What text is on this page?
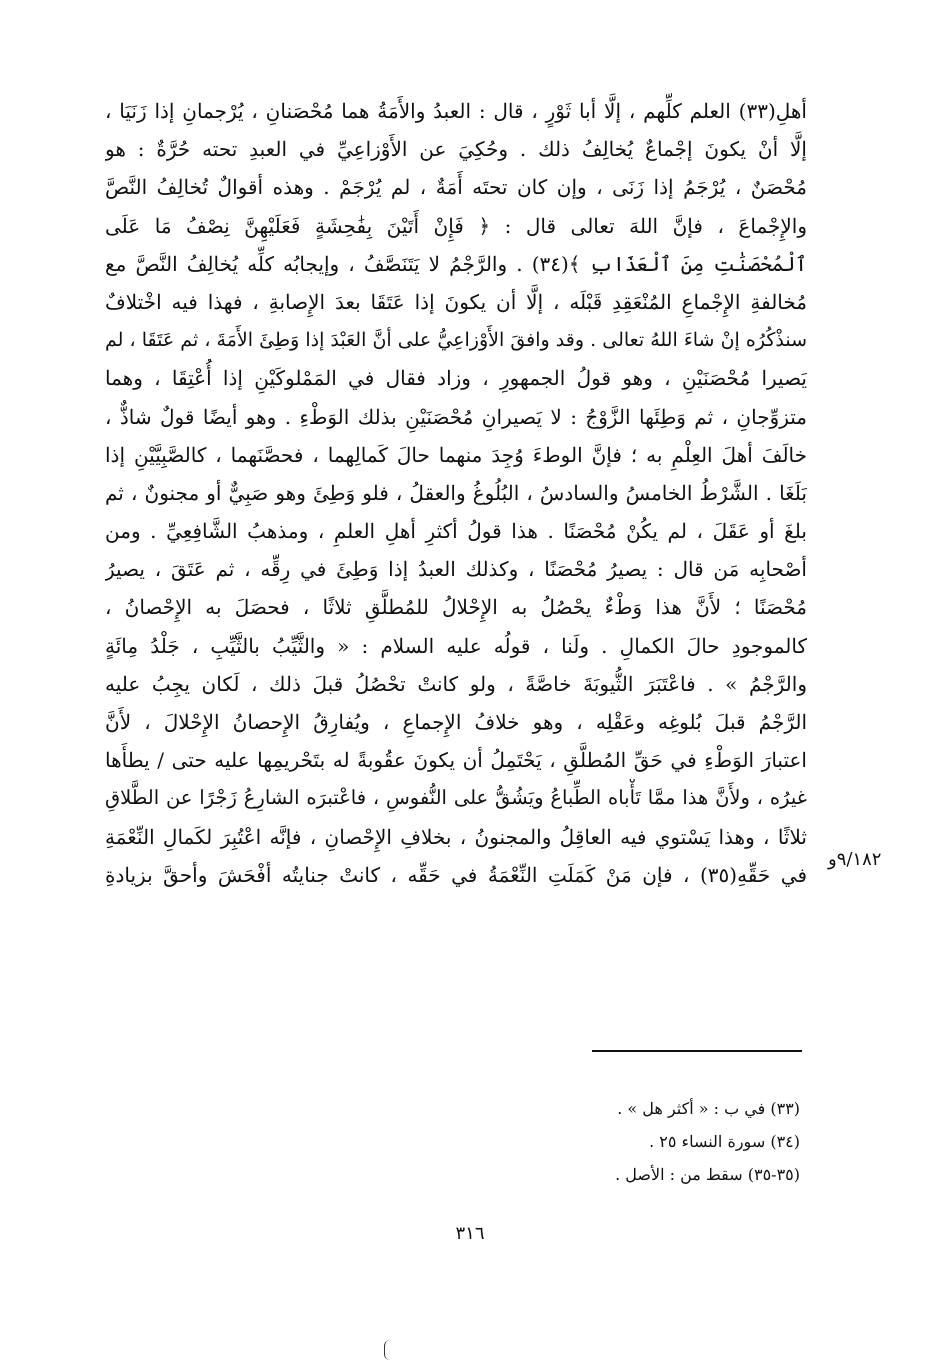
أهلِ(٣٣) العلم كلِّهم ، إلَّا أبا ثَوْرٍ ، قال : العبدُ والأَمَةُ هما مُحْصَنانِ ، يُرْجمانِ إذا زَنَيَا ،
إلَّا أنْ يكونَ إجْماعٌ يُخالِفُ ذلك . وحُكِيَ عن الأَوْزاعِيِّ في العبدِ تحته حُرَّةٌ : هو
مُحْصَنٌ ، يُرْجَمُ إذا زَنَى ، وإن كان تحتَه أَمَةٌ ، لم يُرْجَمْ . وهذه أقوالٌ تُخالِفُ النَّصَّ
والإِجْماعَ ، فإنَّ اللهَ تعالى قال : ﴿ فَإِنْ أَتَيْنَ بِفَٰحِشَةٍ فَعَلَيْهِنَّ نِصْفُ مَا عَلَى
ٱلْمُحْصَنَٰتِ مِنَ ٱلْعَذَابِ ﴾(٣٤) . والرَّجْمُ لا يَتَنَصَّفُ ، وإيجابُه كلِّه يُخالِفُ النَّصَّ مع
مُخالفةِ الإِجْماعِ المُنْعَقِدِ قَبْلَه ، إلَّا أن يكونَ إذا عَتَقَا بعدَ الإِصابةِ ، فهذا فيه اخْتلافٌ
سنذْكُرُه إنْ شاءَ اللهُ تعالى . وقد وافقَ الأَوْزاعِيُّ على أنَّ العَبْدَ إذا وَطِئَ الأَمَةَ ، ثم عَتَقَا ، لم
يَصيرا مُحْصَنَيْنِ ، وهو قولُ الجمهورِ ، وزاد فقال في المَمْلوكَيْنِ إذا أُعْتِقَا ، وهما
متزوِّجانِ ، ثم وَطِئَها الزَّوْجُ : لا يَصيرانِ مُحْصَنَيْنِ بذلك الوَطْءِ . وهو أيضًا قولٌ شاذٌّ ،
خالَفَ أهلَ العِلْمِ به ؛ فإنَّ الوطءَ وُجِدَ منهما حالَ كَمالِهما ، فحصَّنَهما ، كالصَّبِيَّيْنِ إذا
بَلَغَا . الشَّرْطُ الخامسُ والسادسُ ، البُلُوغُ والعقلُ ، فلو وَطِئَ وهو صَبِيٌّ أو مجنونٌ ، ثم
بلغَ أو عَقَلَ ، لم يكُنْ مُحْصَنًا . هذا قولُ أكثرِ أهلِ العلمِ ، ومذهبُ الشَّافِعِيِّ . ومن
أصْحابِه مَن قال : يصيرُ مُحْصَنًا ، وكذلك العبدُ إذا وَطِئَ في رِقِّه ، ثم عَتَقَ ، يصيرُ
مُحْصَنًا ؛ لأَنَّ هذا وَطْءٌ يحْصُلُ به الإِحْلالُ للمُطلَّقِ ثلاثًا ، فحصَلَ به الإِحْصانُ ،
كالموجودِ حالَ الكمالِ . ولَنا ، قولُه عليه السلام : « والثَّيِّبُ بالثَّيِّبِ ، جَلْدُ مِائَةٍ
والرَّجْمُ » . فاعْتَبَرَ الثُّيوبَةَ خاصَّةً ، ولو كانتْ تحْصُلُ قبلَ ذلك ، لَكان يجِبُ عليه
الرَّجْمُ قبلَ بُلوغِه وعَقْلِه ، وهو خلافُ الإِجماعِ ، ويُفارِقُ الإِحصانُ الإِحْلالَ ، لأَنَّ
اعتبارَ الوَطْءِ في حَقِّ المُطلَّقِ ، يَحْتَمِلُ أن يكونَ عقُوبةً له بتَحْريمِها عليه حتى / يطأَها
غيرُه ، ولأَنَّ هذا ممَّا تَأْباه الطِّباعُ ويَشُقُّ على النُّفوسِ ، فاعْتبرَه الشارِعُ زَجْرًا عن الطَّلاقِ
ثلاثًا ، وهذا يَسْتوي فيه العاقِلُ والمجنونُ ، بخلافِ الإِحْصانِ ، فإنَّه اعْتُبِرَ لكَمالِ النِّعْمَةِ
في حَقِّهِ(٣٥) ، فإن مَنْ كَمَلَتِ النِّعْمَةُ في حَقِّه ، كانتْ جنايتُه أفْحَشَ وأحقَّ بزيادةِ
٩/١٨٢و
(٣٣) في ب : « أكثر هل » .
(٣٤) سورة النساء ٢٥ .
(٣٥-٣٥) سقط من : الأصل .
٣١٦
